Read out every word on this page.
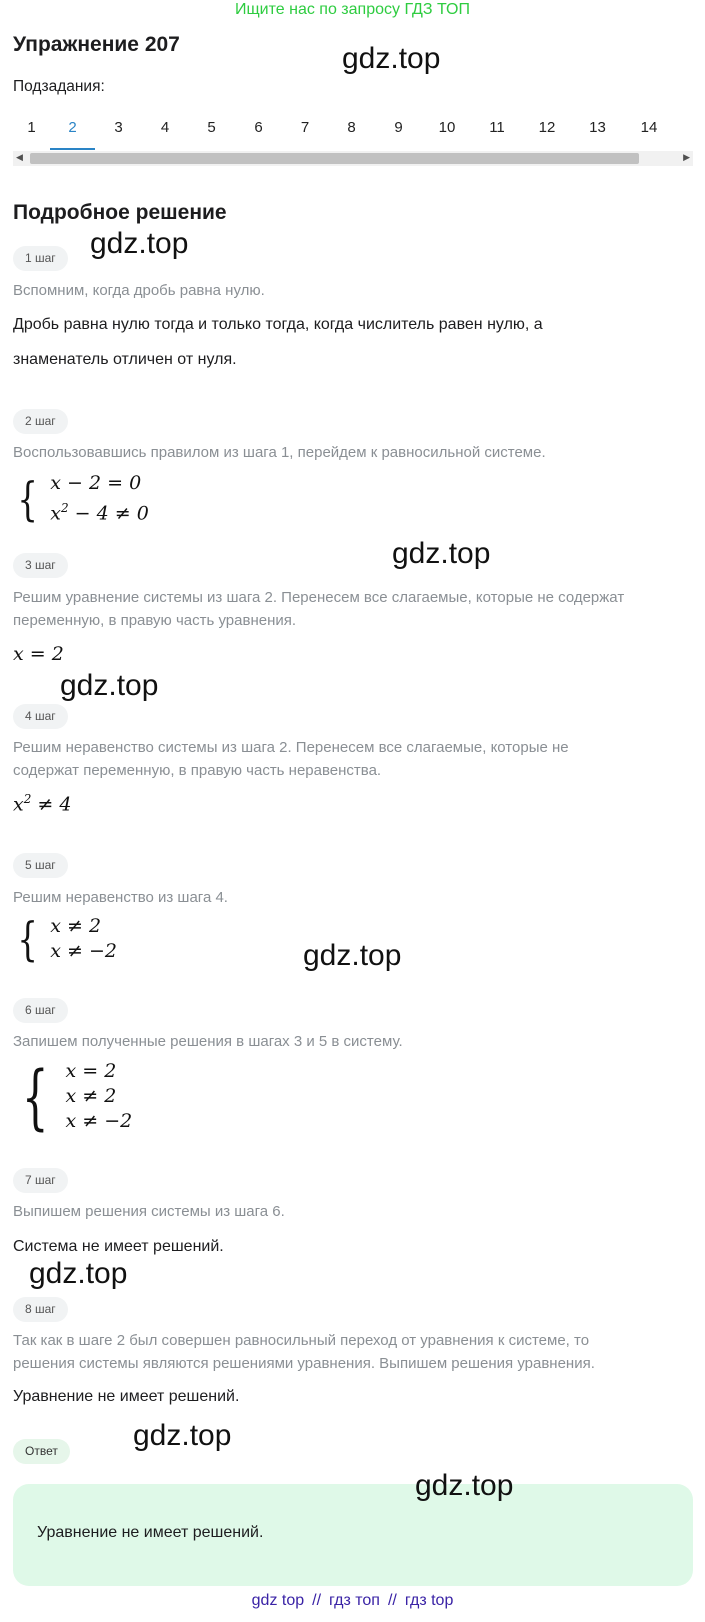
Ищите нас по запросу ГДЗ ТОП
Упражнение 207	gdz.top
Подзадания:
1	2	3	4	5	6	7	8	9	10	11	12	13	14
◀	▶
Подробное решение
1 шаг	gdz.top
Вспомним, когда дробь равна нулю.
Дробь равна нулю тогда и только тогда, когда числитель равен нулю, а
знаменатель отличен от нуля.
2 шаг
Воспользовавшись правилом из шага 1, перейдем к равносильной системе.
{ x − 2 = 0
$x^2 - 4 \ne 0$
3 шаг	gdz.top
Решим уравнение системы из шага 2. Перенесем все слагаемые, которые не содержат
переменную, в правую часть уравнения.
x = 2
gdz.top
4 шаг
Решим неравенство системы из шага 2. Перенесем все слагаемые, которые не
содержат переменную, в правую часть неравенства.
$x^2 \ne 4$
5 шаг
Решим неравенство из шага 4.
{ x ≠ 2
x ≠ −2	gdz.top
6 шаг
Запишем полученные решения в шагах 3 и 5 в систему.
{ x = 2
x ≠ 2
x ≠ −2
7 шаг
Выпишем решения системы из шага 6.
Система не имеет решений.
gdz.top
8 шаг
Так как в шаге 2 был совершен равносильный переход от уравнения к системе, то
решения системы являются решениями уравнения. Выпишем решения уравнения.
Уравнение не имеет решений.
Ответ	gdz.top
Уравнение не имеет решений.
gdz.top
gdz top // гдз топ // гдз top
